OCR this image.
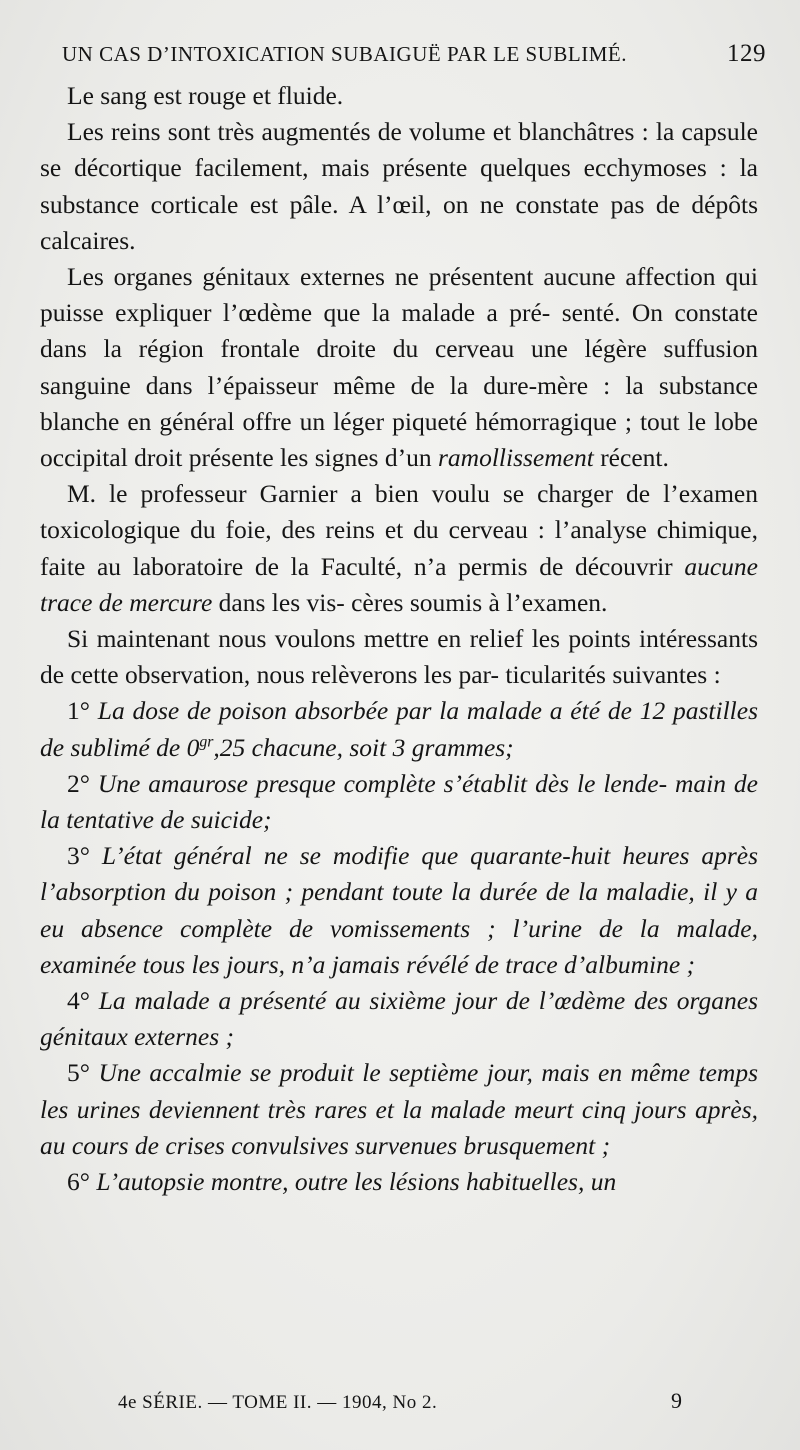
UN CAS D’INTOXICATION SUBAIGUË PAR LE SUBLIMÉ.	129

Le sang est rouge et fluide.

Les reins sont très augmentés de volume et blanchâtres : la capsule se décortique facilement, mais présente quelques ecchymoses : la substance corticale est pâle. A l’œil, on ne constate pas de dépôts calcaires.

Les organes génitaux externes ne présentent aucune affection qui puisse expliquer l’œdème que la malade a pré- senté. On constate dans la région frontale droite du cerveau une légère suffusion sanguine dans l’épaisseur même de la dure-mère : la substance blanche en général offre un léger piqueté hémorragique ; tout le lobe occipital droit présente les signes d’un ramollissement récent.

M. le professeur Garnier a bien voulu se charger de l’examen toxicologique du foie, des reins et du cerveau : l’analyse chimique, faite au laboratoire de la Faculté, n’a permis de découvrir aucune trace de mercure dans les vis- cères soumis à l’examen.

Si maintenant nous voulons mettre en relief les points intéressants de cette observation, nous relèverons les par- ticularités suivantes :

1° La dose de poison absorbée par la malade a été de 12 pastilles de sublimé de $0^{gr},25$ chacune, soit 3 grammes;

2° Une amaurose presque complète s’établit dès le lende- main de la tentative de suicide;

3° L’état général ne se modifie que quarante-huit heures après l’absorption du poison ; pendant toute la durée de la maladie, il y a eu absence complète de vomissements ; l’urine de la malade, examinée tous les jours, n’a jamais révélé de trace d’albumine ;

4° La malade a présenté au sixième jour de l’œdème des organes génitaux externes ;

5° Une accalmie se produit le septième jour, mais en même temps les urines deviennent très rares et la malade meurt cinq jours après, au cours de crises convulsives survenues brusquement ;

6° L’autopsie montre, outre les lésions habituelles, un

4e SÉRIE. — TOME II. — 1904, No 2.	9
